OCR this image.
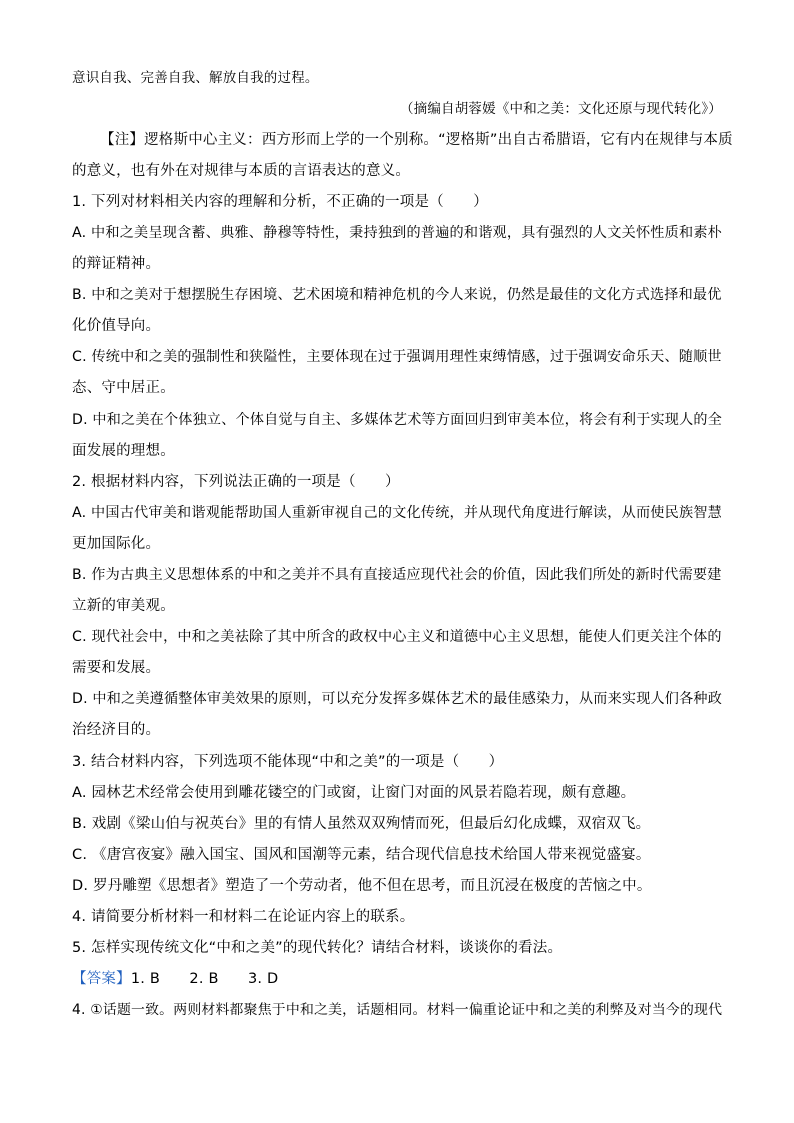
意识自我、完善自我、解放自我的过程。
（摘编自胡蓉媛《中和之美：文化还原与现代转化》）
【注】逻格斯中心主义：西方形而上学的一个别称。“逻格斯”出自古希腊语，它有内在规律与本质
的意义，也有外在对规律与本质的言语表达的意义。
1. 下列对材料相关内容的理解和分析，不正确的一项是（　　）
A. 中和之美呈现含蓄、典雅、静穆等特性，秉持独到的普遍的和谐观，具有强烈的人文关怀性质和素朴
的辩证精神。
B. 中和之美对于想摆脱生存困境、艺术困境和精神危机的今人来说，仍然是最佳的文化方式选择和最优
化价值导向。
C. 传统中和之美的强制性和狭隘性，主要体现在过于强调用理性束缚情感，过于强调安命乐天、随顺世
态、守中居正。
D. 中和之美在个体独立、个体自觉与自主、多媒体艺术等方面回归到审美本位，将会有利于实现人的全
面发展的理想。
2. 根据材料内容，下列说法正确的一项是（　　）
A. 中国古代审美和谐观能帮助国人重新审视自己的文化传统，并从现代角度进行解读，从而使民族智慧
更加国际化。
B. 作为古典主义思想体系的中和之美并不具有直接适应现代社会的价值，因此我们所处的新时代需要建
立新的审美观。
C. 现代社会中，中和之美祛除了其中所含的政权中心主义和道德中心主义思想，能使人们更关注个体的
需要和发展。
D. 中和之美遵循整体审美效果的原则，可以充分发挥多媒体艺术的最佳感染力，从而来实现人们各种政
治经济目的。
3. 结合材料内容，下列选项不能体现“中和之美”的一项是（　　）
A. 园林艺术经常会使用到雕花镂空的门或窗，让窗门对面的风景若隐若现，颇有意趣。
B. 戏剧《梁山伯与祝英台》里的有情人虽然双双殉情而死，但最后幻化成蝶，双宿双飞。
C. 《唐宫夜宴》融入国宝、国风和国潮等元素，结合现代信息技术给国人带来视觉盛宴。
D. 罗丹雕塑《思想者》塑造了一个劳动者，他不但在思考，而且沉浸在极度的苦恼之中。
4. 请简要分析材料一和材料二在论证内容上的联系。
5. 怎样实现传统文化“中和之美”的现代转化？请结合材料，谈谈你的看法。
【答案】1. B　　2. B　　3. D
4. ①话题一致。两则材料都聚焦于中和之美，话题相同。材料一偏重论证中和之美的利弊及对当今的现代
